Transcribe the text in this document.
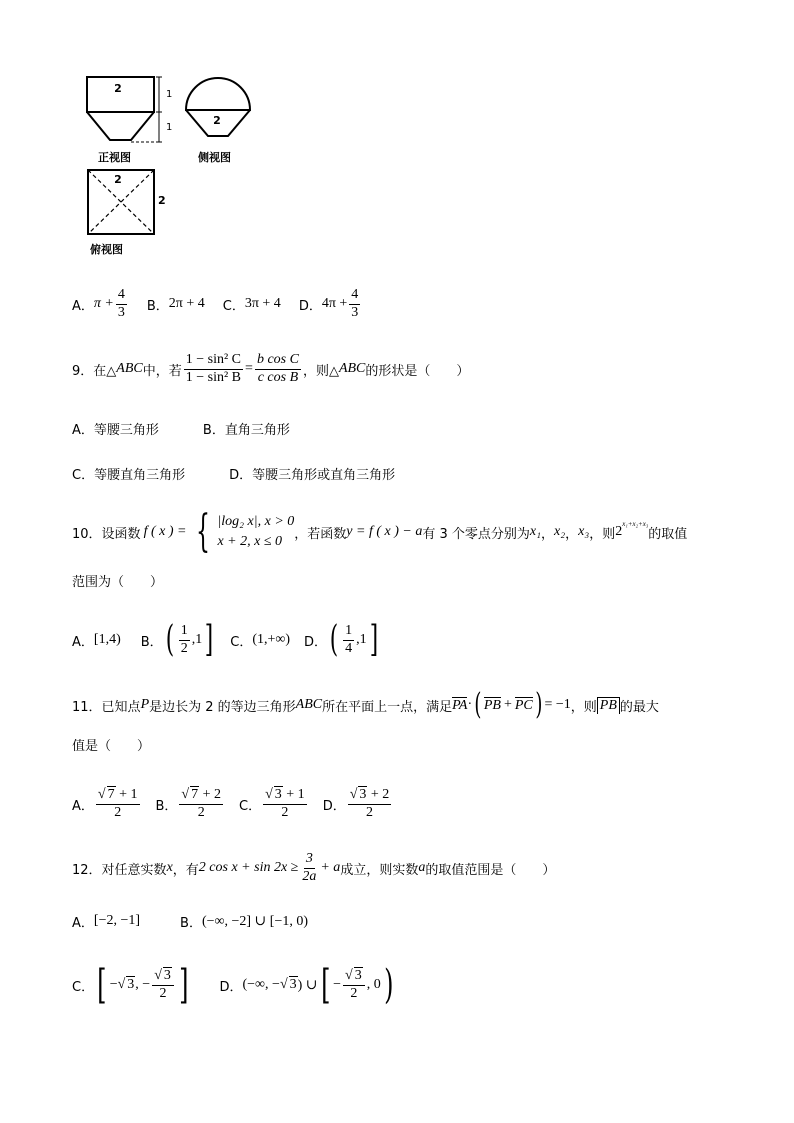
2	1
1
正视图
2
侧视图
2
2
俯视图
A． $\pi + \frac{4}{3}$ B． 2π + 4 C． 3π + 4 D． $4\pi + \frac{4}{3}$
9． 在△ ABC 中，若 $\frac{\text{1 − sin² C}}{\text{1 − sin² B}} = \frac{\text{b cos C}}{\text{c cos B}}$ ，则△ ABC 的形状是（　　）
A． 等腰三角形	B． 直角三角形
C． 等腰直角三角形	D． 等腰三角形或直角三角形
10． 设函数 f ( x ) = { |log₂ x|, x > 0
x + 2, x ≤ 0 ，若函数 y = f ( x ) − a 有 3 个零点分别为 x₁ ， x₂ ， x₃ ，则 $2^{x_1+x_2+x_3}$
的取值
范围为（　　）
A． [1,4) B． ( $\frac{1}{2} ,1$ ] C． (1,+∞) D． ( $\frac{1}{4} ,1$ ]
11． 已知点 P 是边长为 2 的等边三角形 ABC 所在平面上一点，满足 PA · ( PB + PC ) = −1 ，则 PB 的最大
值是（　　）
A． $\frac{√ 7 + 1}{2}$ B． $\frac{√ 7 + 2}{2}$ C． $\frac{√ 3 + 1}{2}$ D． $\frac{√ 3 + 2}{2}$
12． 对任意实数 x ，有 2 $\cos x + \sin 2x \ge \frac{3}{2a} + a$ 成立，则实数 a 的取值范围是（　　）
A． [−2, −1]	B． (−∞, −2] ∪ [−1, 0)
C． [ − √ 3 , − $\frac{√ 3}{2}$ ] D． (−∞, − √ 3 ) ∪ [ − $\frac{√ 3}{2}$ , 0 )
